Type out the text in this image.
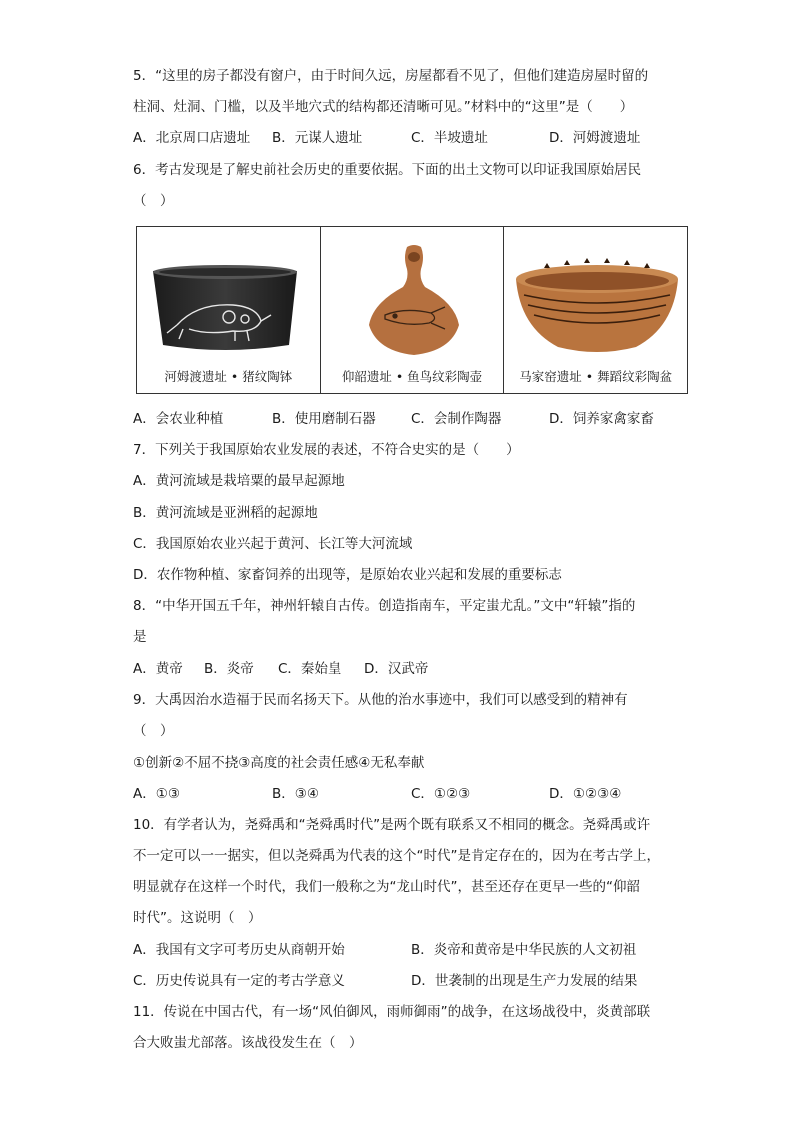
5．“这里的房子都没有窗户，由于时间久远，房屋都看不见了，但他们建造房屋时留的
柱洞、灶洞、门槛，以及半地穴式的结构都还清晰可见。”材料中的“这里”是（　　）
A．北京周口店遗址 B．元谋人遗址	C．半坡遗址	D．河姆渡遗址
6．考古发现是了解史前社会历史的重要依据。下面的出土文物可以印证我国原始居民
（　）
河姆渡遗址 • 猪纹陶钵	仰韶遗址 • 鱼鸟纹彩陶壶	马家窑遗址 • 舞蹈纹彩陶盆
A．会农业种植	B．使用磨制石器	C．会制作陶器	D．饲养家禽家畜
7．下列关于我国原始农业发展的表述，不符合史实的是（　　）
A．黄河流域是栽培粟的最早起源地
B．黄河流域是亚洲稻的起源地
C．我国原始农业兴起于黄河、长江等大河流域
D．农作物种植、家畜饲养的出现等，是原始农业兴起和发展的重要标志
8．“中华开国五千年，神州轩辕自古传。创造指南车，平定蚩尤乱。”文中“轩辕”指的
是
A．黄帝 B．炎帝 C．秦始皇 D．汉武帝
9．大禹因治水造福于民而名扬天下。从他的治水事迹中，我们可以感受到的精神有
（　）
①创新②不屈不挠③高度的社会责任感④无私奉献
A．①③	B．③④	C．①②③	D．①②③④
10．有学者认为，尧舜禹和“尧舜禹时代”是两个既有联系又不相同的概念。尧舜禹或许
不一定可以一一据实，但以尧舜禹为代表的这个“时代”是肯定存在的，因为在考古学上，
明显就存在这样一个时代，我们一般称之为“龙山时代”，甚至还存在更早一些的“仰韶
时代”。这说明（　）
A．我国有文字可考历史从商朝开始	B．炎帝和黄帝是中华民族的人文初祖
C．历史传说具有一定的考古学意义	D．世袭制的出现是生产力发展的结果
11．传说在中国古代，有一场“风伯御风，雨师御雨”的战争，在这场战役中，炎黄部联
合大败蚩尤部落。该战役发生在（　）
